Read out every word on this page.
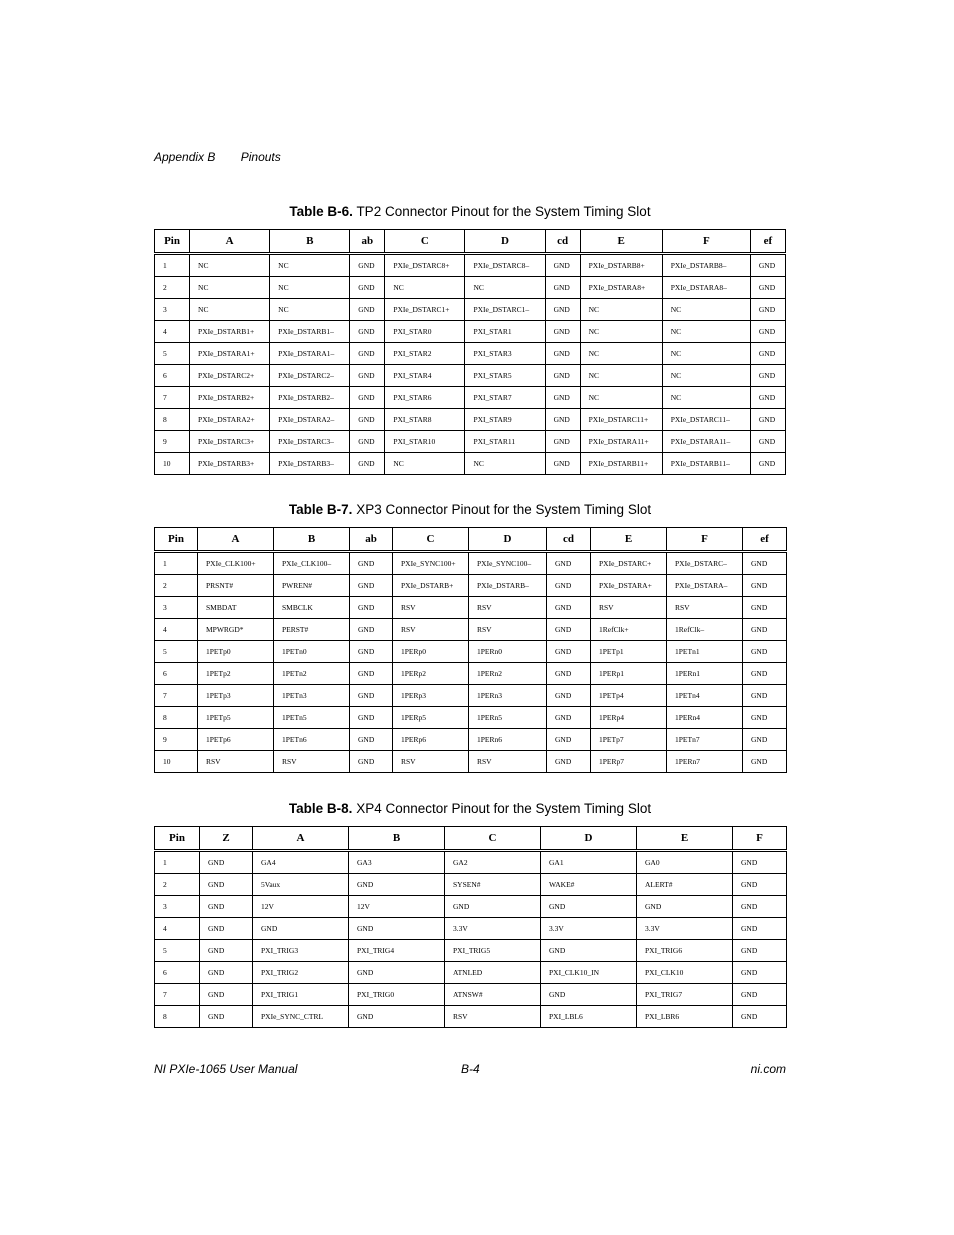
Appendix B Pinouts
Table B-6. TP2 Connector Pinout for the System Timing Slot
Pin	A	B	ab	C	D	cd	E	F	ef
1	NC	NC	GND	PXIe_DSTARC8+	PXIe_DSTARC8–	GND	PXIe_DSTARB8+	PXIe_DSTARB8–	GND
2	NC	NC	GND	NC	NC	GND	PXIe_DSTARA8+	PXIe_DSTARA8–	GND
3	NC	NC	GND	PXIe_DSTARC1+	PXIe_DSTARC1–	GND	NC	NC	GND
4	PXIe_DSTARB1+	PXIe_DSTARB1–	GND	PXI_STAR0	PXI_STAR1	GND	NC	NC	GND
5	PXIe_DSTARA1+	PXIe_DSTARA1–	GND	PXI_STAR2	PXI_STAR3	GND	NC	NC	GND
6	PXIe_DSTARC2+	PXIe_DSTARC2–	GND	PXI_STAR4	PXI_STAR5	GND	NC	NC	GND
7	PXIe_DSTARB2+	PXIe_DSTARB2–	GND	PXI_STAR6	PXI_STAR7	GND	NC	NC	GND
8	PXIe_DSTARA2+	PXIe_DSTARA2–	GND	PXI_STAR8	PXI_STAR9	GND	PXIe_DSTARC11+	PXIe_DSTARC11–	GND
9	PXIe_DSTARC3+	PXIe_DSTARC3–	GND	PXI_STAR10	PXI_STAR11	GND	PXIe_DSTARA11+	PXIe_DSTARA11–	GND
10	PXIe_DSTARB3+	PXIe_DSTARB3–	GND	NC	NC	GND	PXIe_DSTARB11+	PXIe_DSTARB11–	GND
Table B-7. XP3 Connector Pinout for the System Timing Slot
Pin	A	B	ab	C	D	cd	E	F	ef
1	PXIe_CLK100+	PXIe_CLK100–	GND	PXIe_SYNC100+	PXIe_SYNC100–	GND	PXIe_DSTARC+	PXIe_DSTARC–	GND
2	PRSNT#	PWREN#	GND	PXIe_DSTARB+	PXIe_DSTARB–	GND	PXIe_DSTARA+	PXIe_DSTARA–	GND
3	SMBDAT	SMBCLK	GND	RSV	RSV	GND	RSV	RSV	GND
4	MPWRGD*	PERST#	GND	RSV	RSV	GND	1RefClk+	1RefClk–	GND
5	1PETp0	1PETn0	GND	1PERp0	1PERn0	GND	1PETp1	1PETn1	GND
6	1PETp2	1PETn2	GND	1PERp2	1PERn2	GND	1PERp1	1PERn1	GND
7	1PETp3	1PETn3	GND	1PERp3	1PERn3	GND	1PETp4	1PETn4	GND
8	1PETp5	1PETn5	GND	1PERp5	1PERn5	GND	1PERp4	1PERn4	GND
9	1PETp6	1PETn6	GND	1PERp6	1PERn6	GND	1PETp7	1PETn7	GND
10	RSV	RSV	GND	RSV	RSV	GND	1PERp7	1PERn7	GND
Table B-8. XP4 Connector Pinout for the System Timing Slot
Pin	Z	A	B	C	D	E	F
1	GND	GA4	GA3	GA2	GA1	GA0	GND
2	GND	5Vaux	GND	SYSEN#	WAKE#	ALERT#	GND
3	GND	12V	12V	GND	GND	GND	GND
4	GND	GND	GND	3.3V	3.3V	3.3V	GND
5	GND	PXI_TRIG3	PXI_TRIG4	PXI_TRIG5	GND	PXI_TRIG6	GND
6	GND	PXI_TRIG2	GND	ATNLED	PXI_CLK10_IN	PXI_CLK10	GND
7	GND	PXI_TRIG1	PXI_TRIG0	ATNSW#	GND	PXI_TRIG7	GND
8	GND	PXIe_SYNC_CTRL	GND	RSV	PXI_LBL6	PXI_LBR6	GND
NI PXIe-1065 User Manual	B-4	ni.com
